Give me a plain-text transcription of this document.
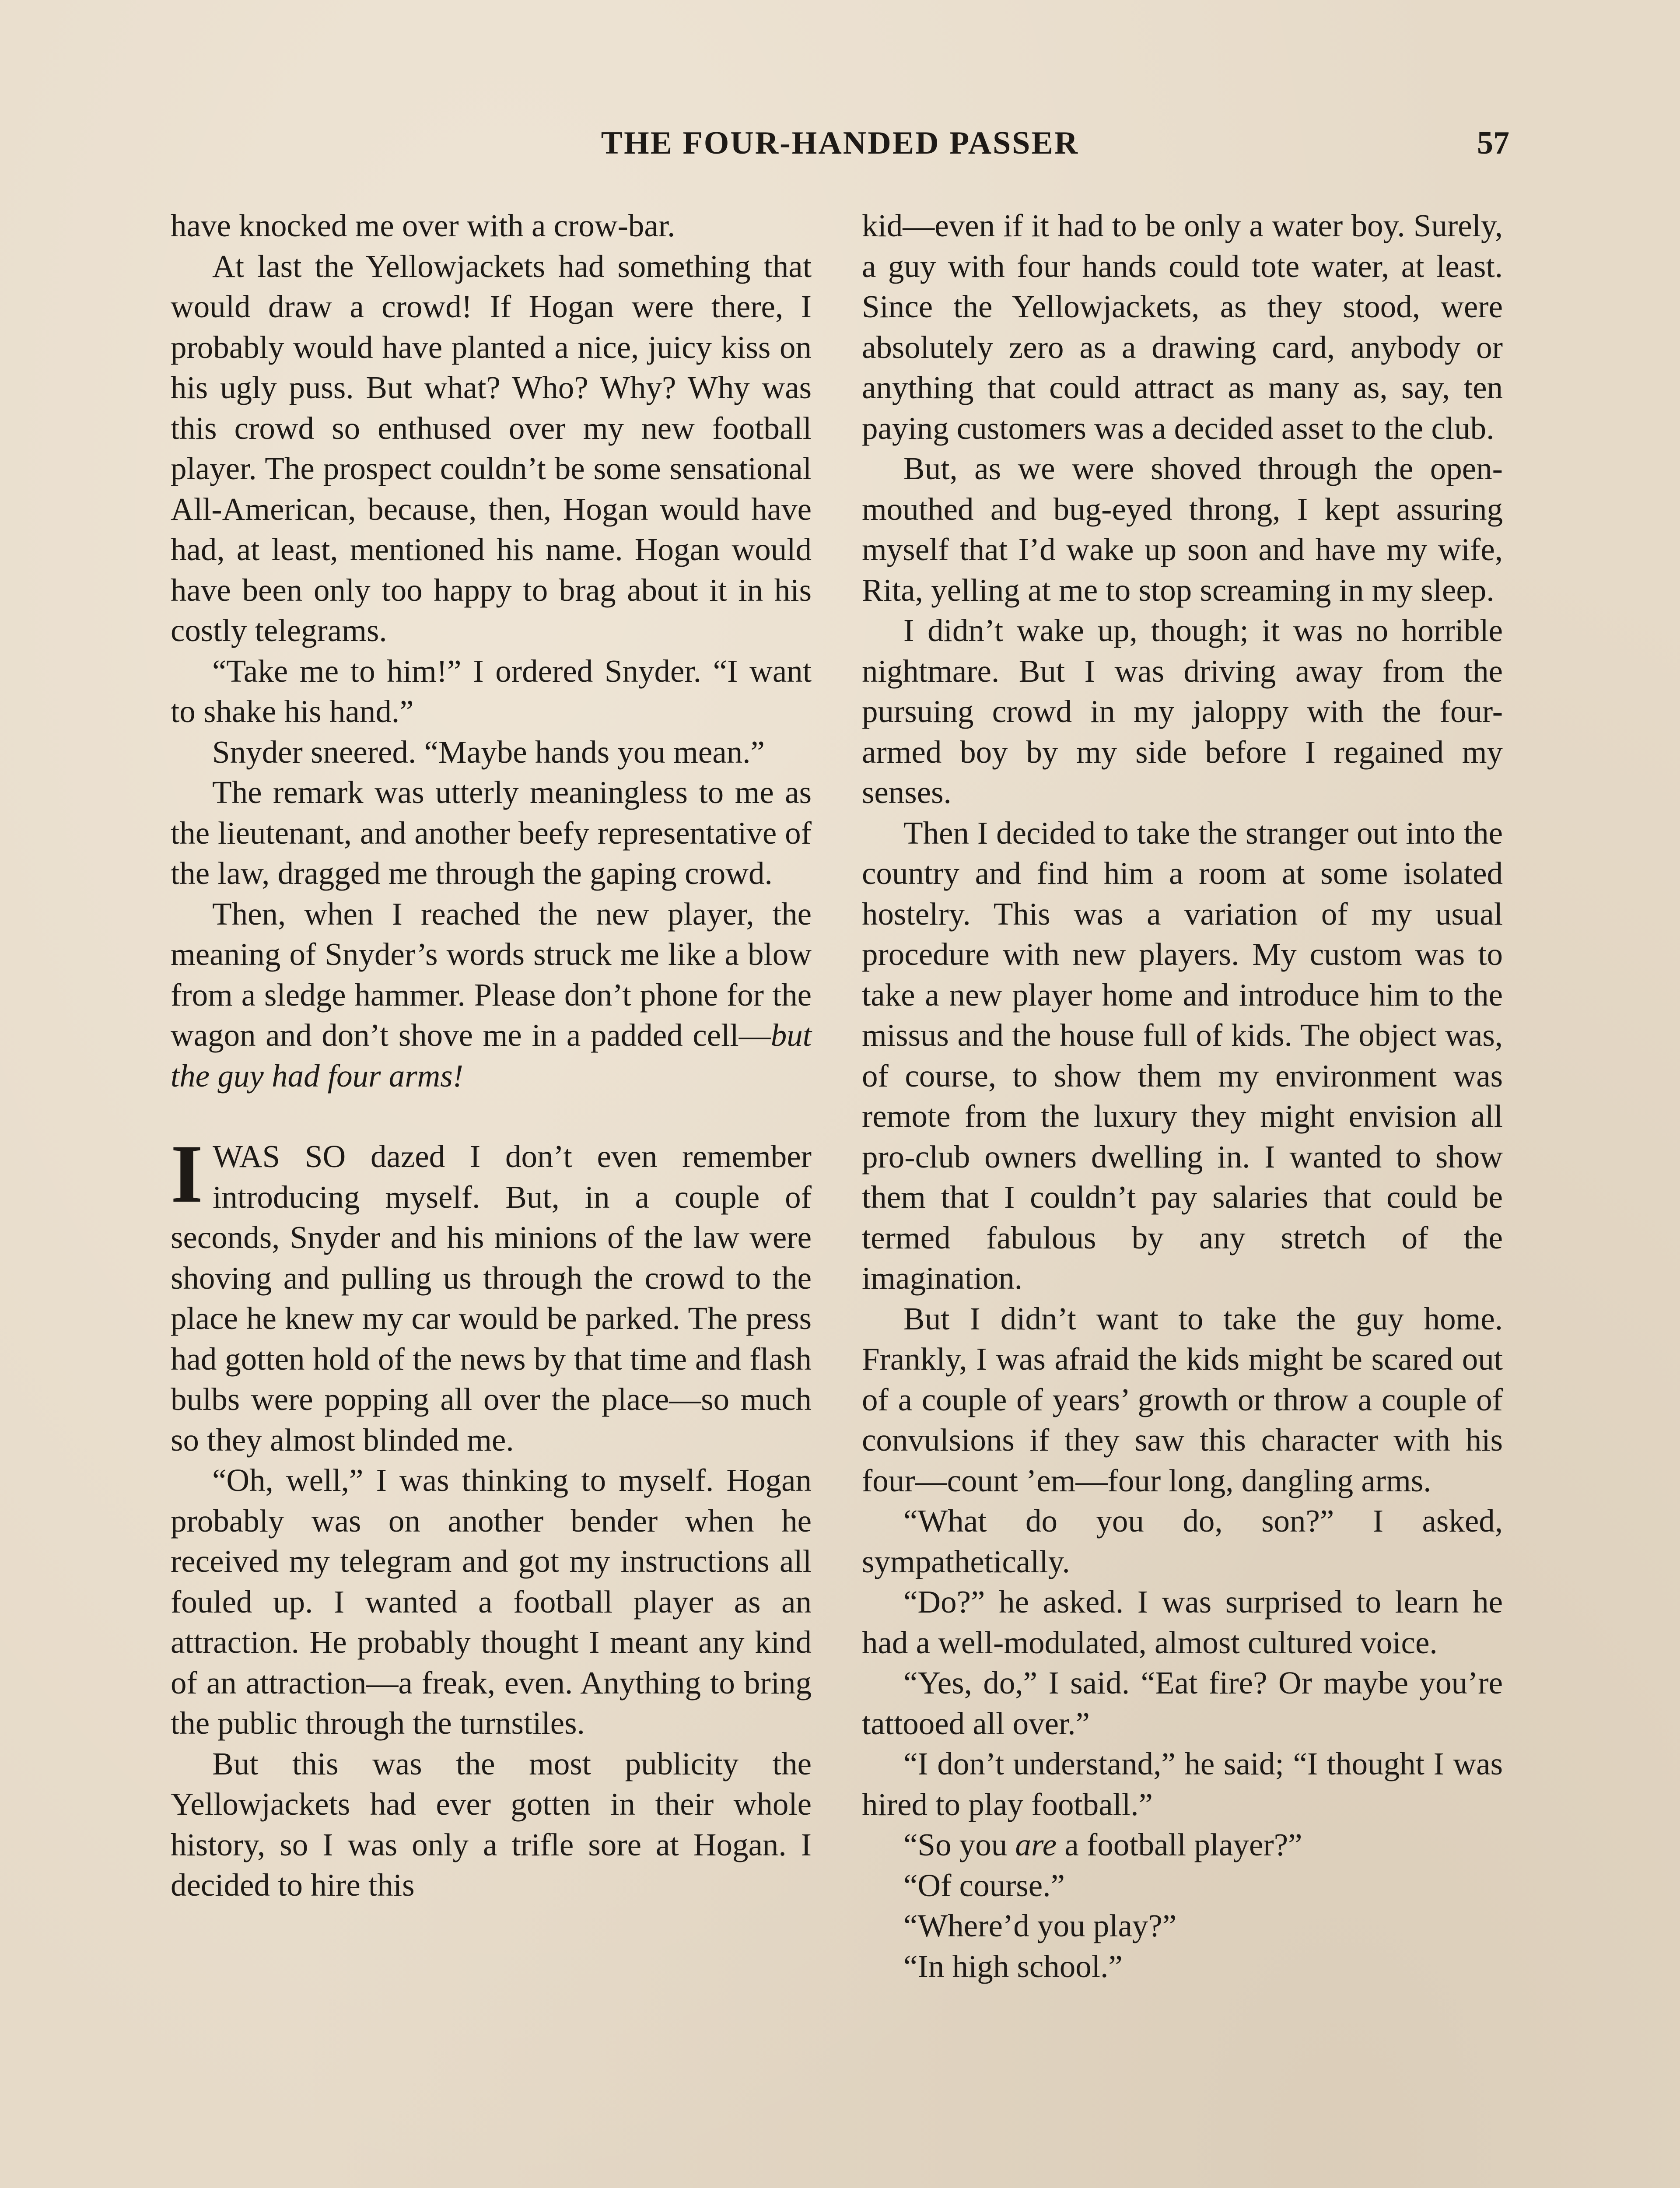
THE FOUR-HANDED PASSER	57

have knocked me over with a crow-bar.

At last the Yellowjackets had something that would draw a crowd! If Hogan were there, I probably would have planted a nice, juicy kiss on his ugly puss. But what? Who? Why? Why was this crowd so enthused over my new football player. The prospect couldn’t be some sensational All-American, because, then, Hogan would have had, at least, mentioned his name. Hogan would have been only too happy to brag about it in his costly telegrams.

“Take me to him!” I ordered Snyder. “I want to shake his hand.”

Snyder sneered. “Maybe hands you mean.”

The remark was utterly meaningless to me as the lieutenant, and another beefy representative of the law, dragged me through the gaping crowd.

Then, when I reached the new player, the meaning of Snyder’s words struck me like a blow from a sledge hammer. Please don’t phone for the wagon and don’t shove me in a padded cell—but the guy had four arms!

IWAS SO dazed I don’t even remember introducing myself. But, in a couple of seconds, Snyder and his minions of the law were shoving and pulling us through the crowd to the place he knew my car would be parked. The press had gotten hold of the news by that time and flash bulbs were popping all over the place—so much so they almost blinded me.

“Oh, well,” I was thinking to myself. Hogan probably was on another bender when he received my telegram and got my instructions all fouled up. I wanted a football player as an attraction. He probably thought I meant any kind of an attraction—a freak, even. Anything to bring the public through the turnstiles.

But this was the most publicity the Yellowjackets had ever gotten in their whole history, so I was only a trifle sore at Hogan. I decided to hire this

kid—even if it had to be only a water boy. Surely, a guy with four hands could tote water, at least. Since the Yellowjackets, as they stood, were absolutely zero as a drawing card, anybody or anything that could attract as many as, say, ten paying customers was a decided asset to the club.

But, as we were shoved through the open-mouthed and bug-eyed throng, I kept assuring myself that I’d wake up soon and have my wife, Rita, yelling at me to stop screaming in my sleep.

I didn’t wake up, though; it was no horrible nightmare. But I was driving away from the pursuing crowd in my jaloppy with the four-armed boy by my side before I regained my senses.

Then I decided to take the stranger out into the country and find him a room at some isolated hostelry. This was a variation of my usual procedure with new players. My custom was to take a new player home and introduce him to the missus and the house full of kids. The object was, of course, to show them my environment was remote from the luxury they might envision all pro-club owners dwelling in. I wanted to show them that I couldn’t pay salaries that could be termed fabulous by any stretch of the imagination.

But I didn’t want to take the guy home. Frankly, I was afraid the kids might be scared out of a couple of years’ growth or throw a couple of convulsions if they saw this character with his four—count ’em—four long, dangling arms.

“What do you do, son?” I asked, sympathetically.

“Do?” he asked. I was surprised to learn he had a well-modulated, almost cultured voice.

“Yes, do,” I said. “Eat fire? Or maybe you’re tattooed all over.”

“I don’t understand,” he said; “I thought I was hired to play football.”

“So you are a football player?”

“Of course.”

“Where’d you play?”

“In high school.”
